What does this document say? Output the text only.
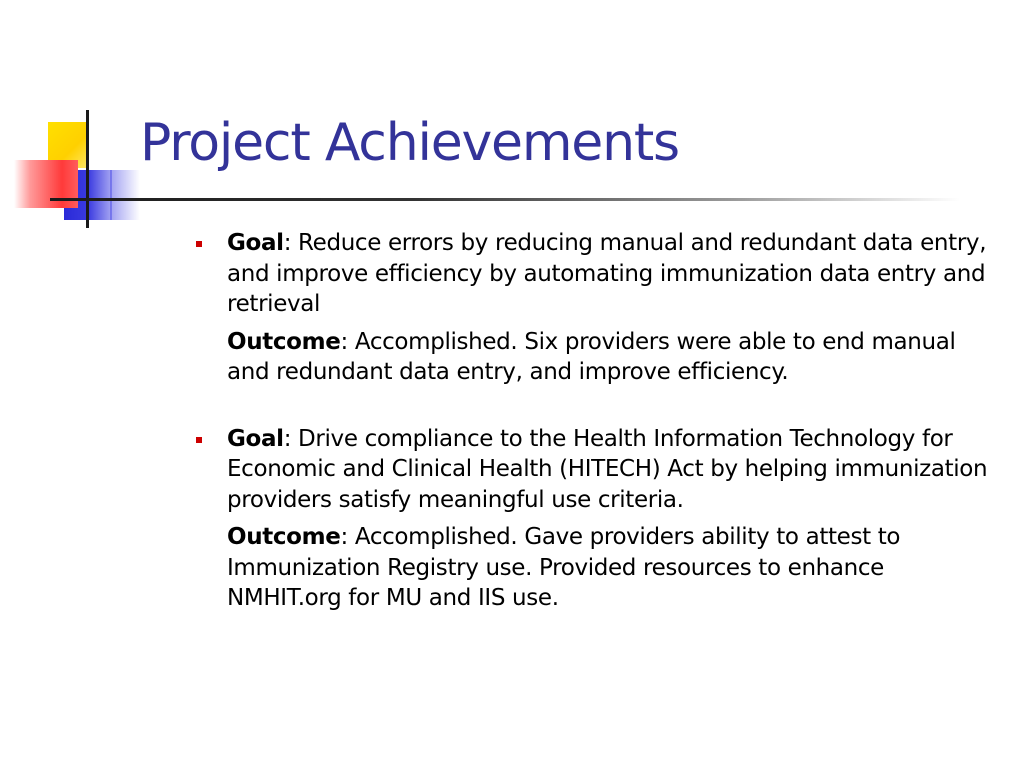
Project Achievements

Goal: Reduce errors by reducing manual and redundant data entry, and improve efficiency by automating immunization data entry and retrieval

Outcome: Accomplished. Six providers were able to end manual and redundant data entry, and improve efficiency.

Goal: Drive compliance to the Health Information Technology for Economic and Clinical Health (HITECH) Act by helping immunization providers satisfy meaningful use criteria.

Outcome: Accomplished. Gave providers ability to attest to Immunization Registry use. Provided resources to enhance NMHIT.org for MU and IIS use.
